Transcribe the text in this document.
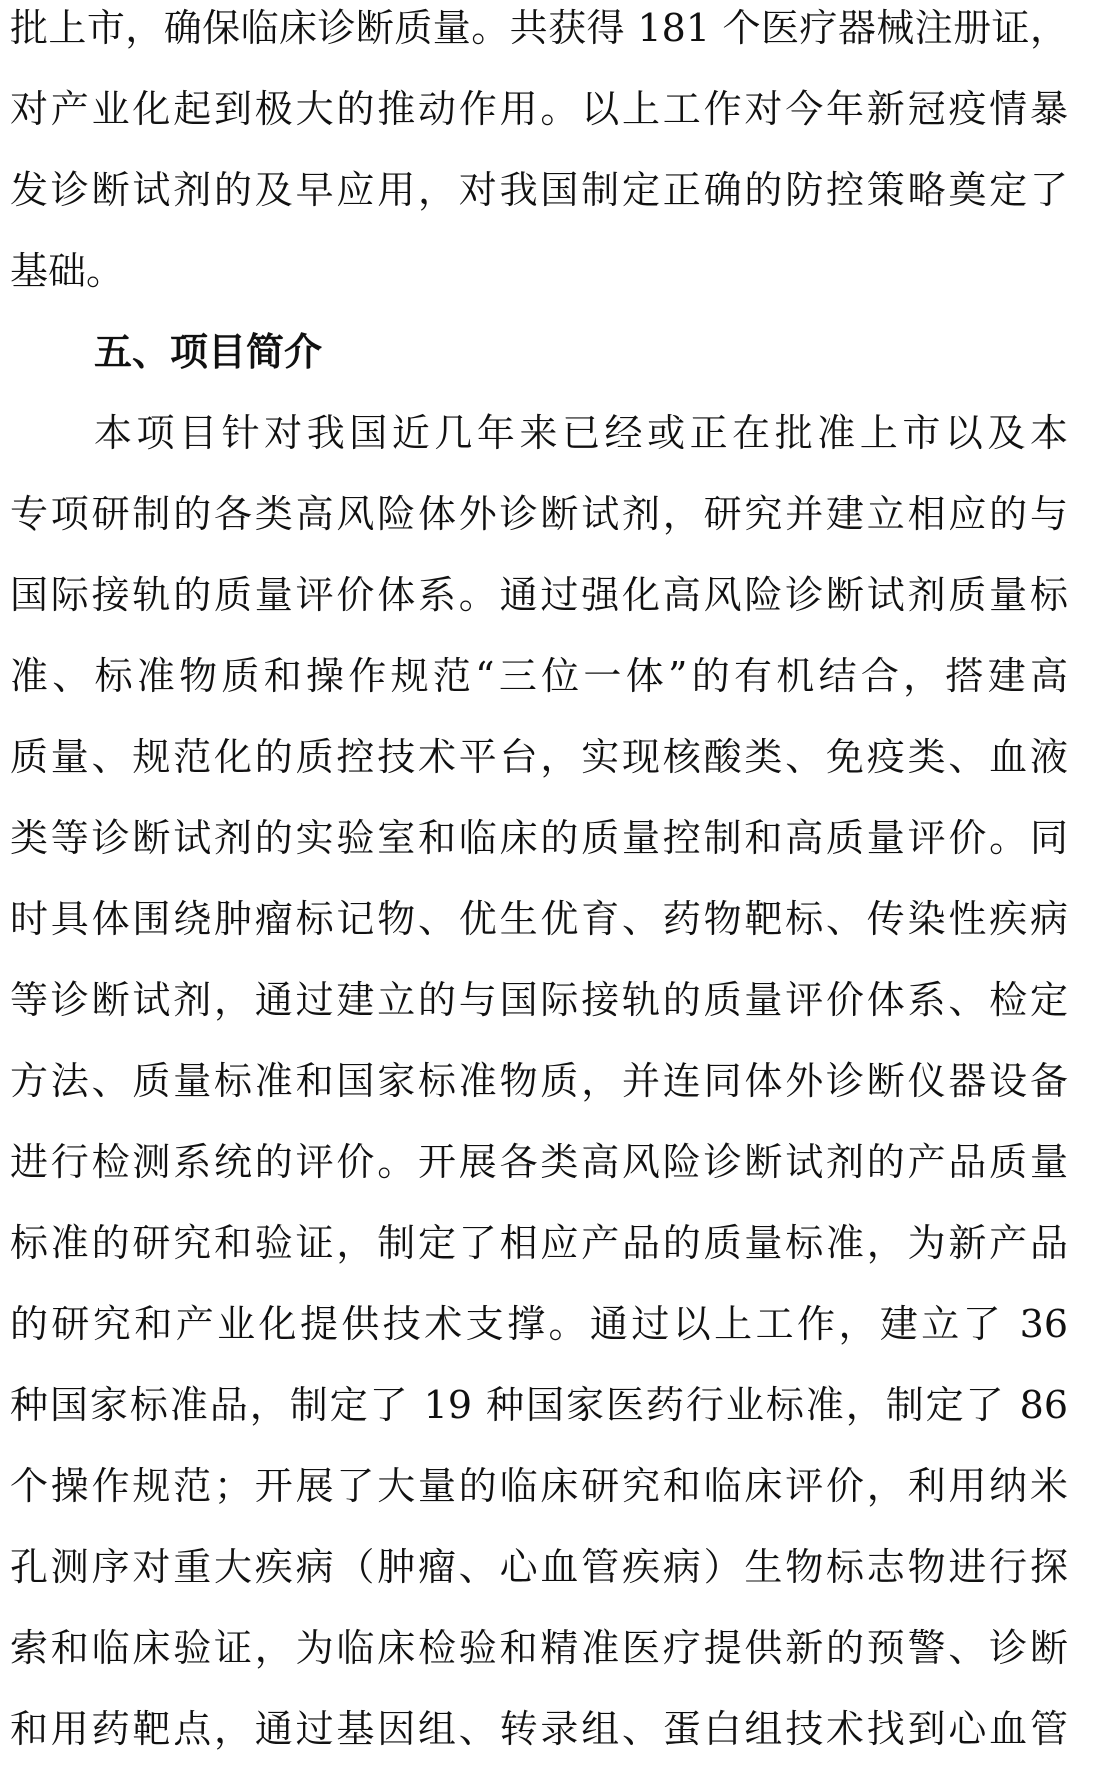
批上市，确保临床诊断质量。共获得 181 个医疗器械注册证，
对产业化起到极大的推动作用。以上工作对今年新冠疫情暴
发诊断试剂的及早应用，对我国制定正确的防控策略奠定了
基础。
五、项目简介
本项目针对我国近几年来已经或正在批准上市以及本
专项研制的各类高风险体外诊断试剂，研究并建立相应的与
国际接轨的质量评价体系。通过强化高风险诊断试剂质量标
准、标准物质和操作规范“三位一体”的有机结合，搭建高
质量、规范化的质控技术平台，实现核酸类、免疫类、血液
类等诊断试剂的实验室和临床的质量控制和高质量评价。同
时具体围绕肿瘤标记物、优生优育、药物靶标、传染性疾病
等诊断试剂，通过建立的与国际接轨的质量评价体系、检定
方法、质量标准和国家标准物质，并连同体外诊断仪器设备
进行检测系统的评价。开展各类高风险诊断试剂的产品质量
标准的研究和验证，制定了相应产品的质量标准，为新产品
的研究和产业化提供技术支撑。通过以上工作，建立了 36
种国家标准品，制定了 19 种国家医药行业标准，制定了 86
个操作规范；开展了大量的临床研究和临床评价，利用纳米
孔测序对重大疾病（肿瘤、心血管疾病）生物标志物进行探
索和临床验证，为临床检验和精准医疗提供新的预警、诊断
和用药靶点，通过基因组、转录组、蛋白组技术找到心血管
